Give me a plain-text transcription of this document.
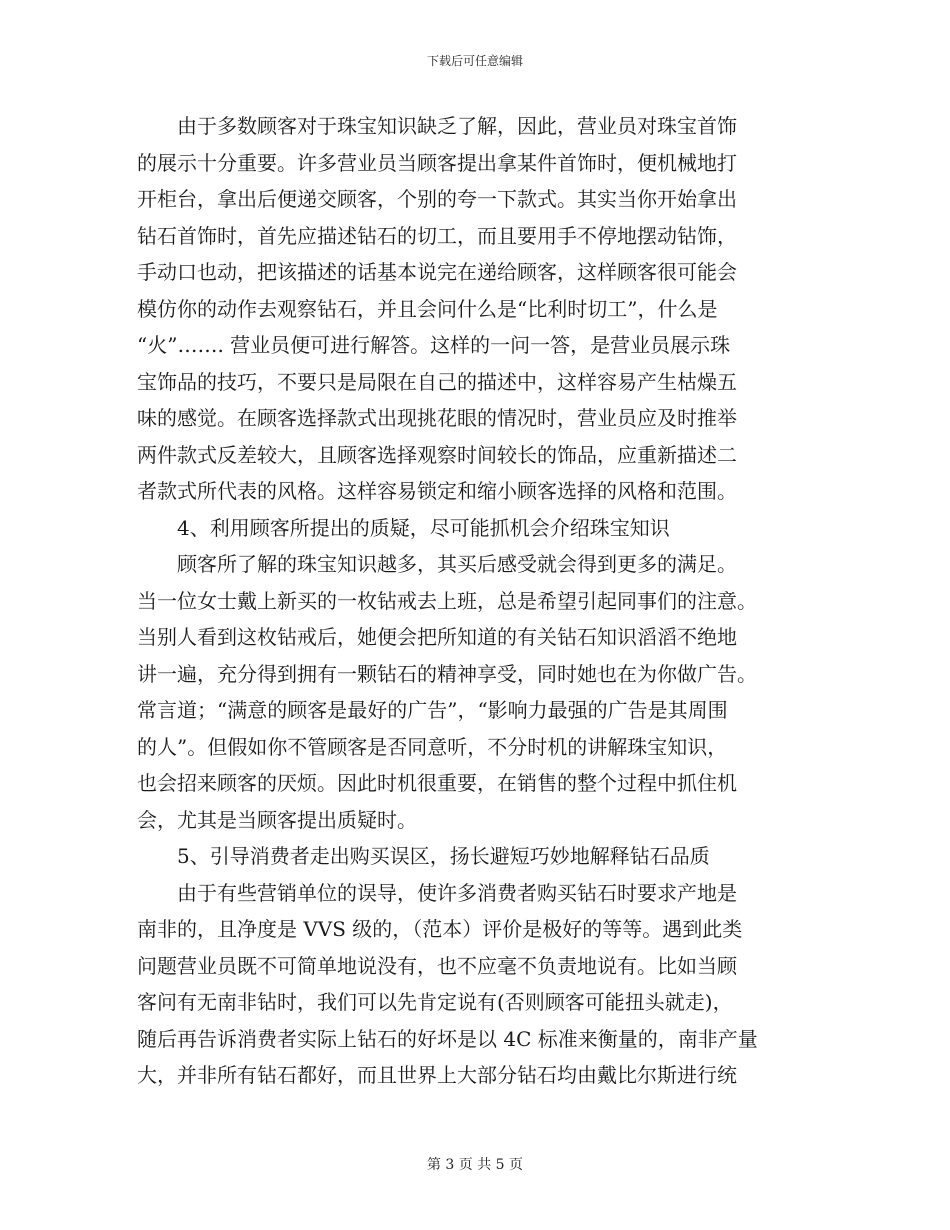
下载后可任意编辑
　　由于多数顾客对于珠宝知识缺乏了解，因此，营业员对珠宝首饰
的展示十分重要。许多营业员当顾客提出拿某件首饰时，便机械地打
开柜台，拿出后便递交顾客，个别的夸一下款式。其实当你开始拿出
钻石首饰时，首先应描述钻石的切工，而且要用手不停地摆动钻饰，
手动口也动，把该描述的话基本说完在递给顾客，这样顾客很可能会
模仿你的动作去观察钻石，并且会问什么是“比利时切工”，什么是
“火”……. 营业员便可进行解答。这样的一问一答，是营业员展示珠
宝饰品的技巧，不要只是局限在自己的描述中，这样容易产生枯燥五
味的感觉。在顾客选择款式出现挑花眼的情况时，营业员应及时推举
两件款式反差较大，且顾客选择观察时间较长的饰品，应重新描述二
者款式所代表的风格。这样容易锁定和缩小顾客选择的风格和范围。
　　4、利用顾客所提出的质疑，尽可能抓机会介绍珠宝知识
　　顾客所了解的珠宝知识越多，其买后感受就会得到更多的满足。
当一位女士戴上新买的一枚钻戒去上班，总是希望引起同事们的注意。
当别人看到这枚钻戒后，她便会把所知道的有关钻石知识滔滔不绝地
讲一遍，充分得到拥有一颗钻石的精神享受，同时她也在为你做广告。
常言道；“满意的顾客是最好的广告”，“影响力最强的广告是其周围
的人”。但假如你不管顾客是否同意听，不分时机的讲解珠宝知识，
也会招来顾客的厌烦。因此时机很重要，在销售的整个过程中抓住机
会，尤其是当顾客提出质疑时。
　　5、引导消费者走出购买误区，扬长避短巧妙地解释钻石品质
　　由于有些营销单位的误导，使许多消费者购买钻石时要求产地是
南非的，且净度是 VVS 级的，（范本）评价是极好的等等。遇到此类
问题营业员既不可简单地说没有，也不应毫不负责地说有。比如当顾
客问有无南非钻时，我们可以先肯定说有(否则顾客可能扭头就走)，
随后再告诉消费者实际上钻石的好坏是以 4C 标准来衡量的，南非产量
大，并非所有钻石都好，而且世界上大部分钻石均由戴比尔斯进行统
第 3 页 共 5 页
